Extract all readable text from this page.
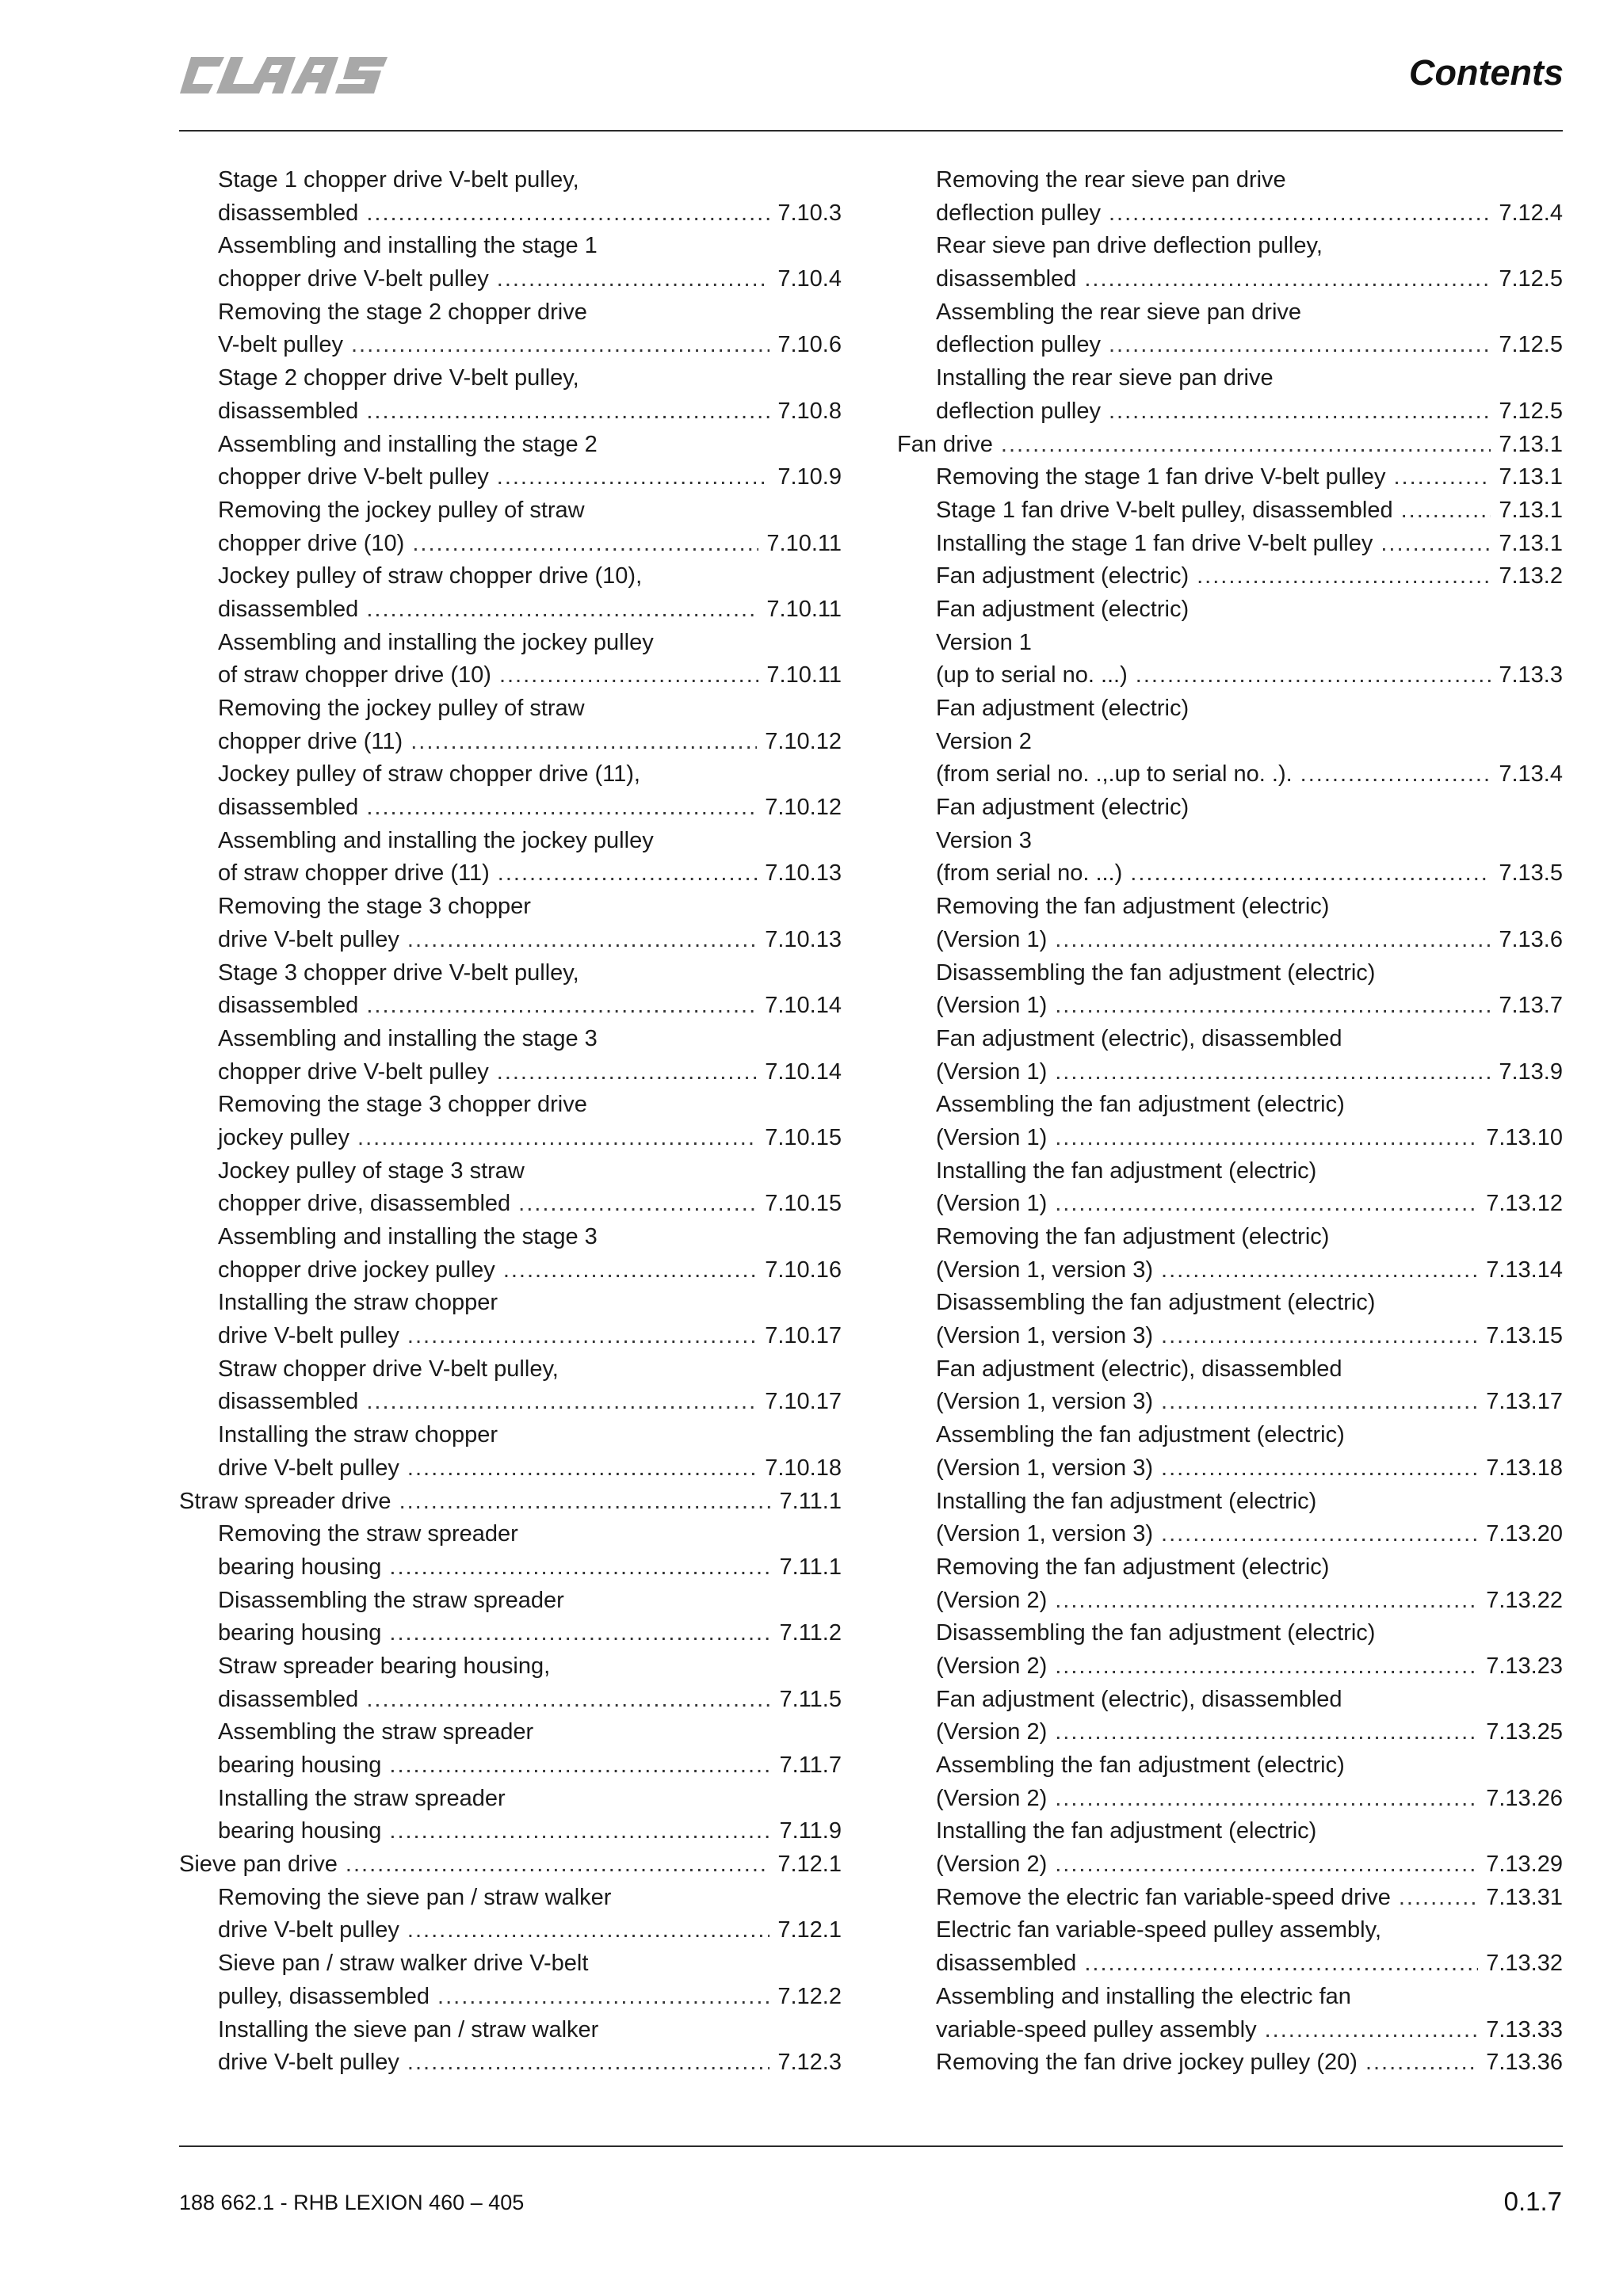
Contents
Stage 1 chopper drive V-belt pulley,
disassembled .....	7.10.3
Assembling and installing the stage 1
chopper drive V-belt pulley .....	7.10.4
Removing the stage 2 chopper drive
V-belt pulley .....	7.10.6
Stage 2 chopper drive V-belt pulley,
disassembled .....	7.10.8
Assembling and installing the stage 2
chopper drive V-belt pulley .....	7.10.9
Removing the jockey pulley of straw
chopper drive (10) .....	7.10.11
Jockey pulley of straw chopper drive (10),
disassembled .....	7.10.11
Assembling and installing the jockey pulley
of straw chopper drive (10) .....	7.10.11
Removing the jockey pulley of straw
chopper drive (11) .....	7.10.12
Jockey pulley of straw chopper drive (11),
disassembled .....	7.10.12
Assembling and installing the jockey pulley
of straw chopper drive (11) .....	7.10.13
Removing the stage 3 chopper
drive V-belt pulley .....	7.10.13
Stage 3 chopper drive V-belt pulley,
disassembled .....	7.10.14
Assembling and installing the stage 3
chopper drive V-belt pulley .....	7.10.14
Removing the stage 3 chopper drive
jockey pulley .....	7.10.15
Jockey pulley of stage 3 straw
chopper drive, disassembled .....	7.10.15
Assembling and installing the stage 3
chopper drive jockey pulley .....	7.10.16
Installing the straw chopper
drive V-belt pulley .....	7.10.17
Straw chopper drive V-belt pulley,
disassembled .....	7.10.17
Installing the straw chopper
drive V-belt pulley .....	7.10.18
Straw spreader drive .....	7.11.1
Removing the straw spreader
bearing housing .....	7.11.1
Disassembling the straw spreader
bearing housing .....	7.11.2
Straw spreader bearing housing,
disassembled .....	7.11.5
Assembling the straw spreader
bearing housing .....	7.11.7
Installing the straw spreader
bearing housing .....	7.11.9
Sieve pan drive .....	7.12.1
Removing the sieve pan / straw walker
drive V-belt pulley .....	7.12.1
Sieve pan / straw walker drive V-belt
pulley, disassembled .....	7.12.2
Installing the sieve pan / straw walker
drive V-belt pulley .....	7.12.3
Removing the rear sieve pan drive
deflection pulley .....	7.12.4
Rear sieve pan drive deflection pulley,
disassembled .....	7.12.5
Assembling the rear sieve pan drive
deflection pulley .....	7.12.5
Installing the rear sieve pan drive
deflection pulley .....	7.12.5
Fan drive .....	7.13.1
Removing the stage 1 fan drive V-belt pulley .....	7.13.1
Stage 1 fan drive V-belt pulley, disassembled .....	7.13.1
Installing the stage 1 fan drive V-belt pulley .....	7.13.1
Fan adjustment (electric) .....	7.13.2
Fan adjustment (electric)
Version 1
(up to serial no. ...) .....	7.13.3
Fan adjustment (electric)
Version 2
(from serial no. .,.up to serial no. .). .....	7.13.4
Fan adjustment (electric)
Version 3
(from serial no. ...) .....	7.13.5
Removing the fan adjustment (electric)
(Version 1) .....	7.13.6
Disassembling the fan adjustment (electric)
(Version 1) .....	7.13.7
Fan adjustment (electric), disassembled
(Version 1) .....	7.13.9
Assembling the fan adjustment (electric)
(Version 1) .....	7.13.10
Installing the fan adjustment (electric)
(Version 1) .....	7.13.12
Removing the fan adjustment (electric)
(Version 1, version 3) .....	7.13.14
Disassembling the fan adjustment (electric)
(Version 1, version 3) .....	7.13.15
Fan adjustment (electric), disassembled
(Version 1, version 3) .....	7.13.17
Assembling the fan adjustment (electric)
(Version 1, version 3) .....	7.13.18
Installing the fan adjustment (electric)
(Version 1, version 3) .....	7.13.20
Removing the fan adjustment (electric)
(Version 2) .....	7.13.22
Disassembling the fan adjustment (electric)
(Version 2) .....	7.13.23
Fan adjustment (electric), disassembled
(Version 2) .....	7.13.25
Assembling the fan adjustment (electric)
(Version 2) .....	7.13.26
Installing the fan adjustment (electric)
(Version 2) .....	7.13.29
Remove the electric fan variable-speed drive .....	7.13.31
Electric fan variable-speed pulley assembly,
disassembled .....	7.13.32
Assembling and installing the electric fan
variable-speed pulley assembly .....	7.13.33
Removing the fan drive jockey pulley (20) .....	7.13.36
188 662.1 - RHB LEXION 460 – 405	0.1.7
